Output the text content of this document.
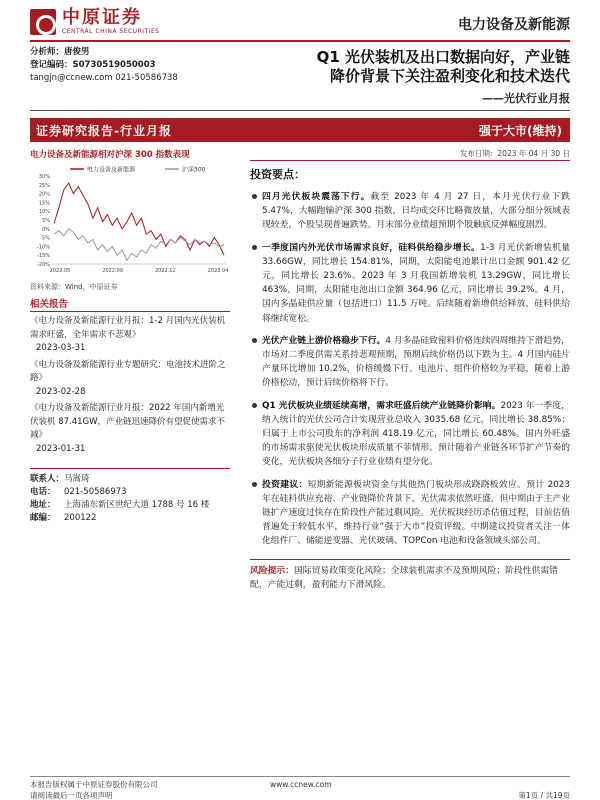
中原证券
CENTRAL CHINA SECURITIES	电力设备及新能源
分析师：唐俊男
登记编码：S0730519050003
tangjn@ccnew.com 021-50586738
Q1 光伏装机及出口数据向好，产业链
降价背景下关注盈利变化和技术迭代
——光伏行业月报
证券研究报告-行业月报	强于大市(维持)
电力设备及新能源相对沪深 300 指数表现
电力设备及新能源	沪深300
-20%
-15%
-10%
-5%
0%
5%
10%
15%
20%
25%
30%
2022.05	2022.09	2022.12	2023.04
资料来源：Wind，中原证券
相关报告
《电力设备及新能源行业月报：1-2 月国内光伏装机需求旺盛，全年需求不悲观》
2023-03-31
《电力设备及新能源行业专题研究：电池技术进阶之路》
2023-02-28
《电力设备及新能源行业月报：2022 年国内新增光伏装机 87.41GW，产业链迅速降价有望促使需求不减》
2023-01-31
联系人： 马嵩琦
电话： 021-50586973
地址： 上海浦东新区世纪大道 1788 号 16 楼
邮编： 200122
发布日期：2023 年 04 月 30 日
投资要点：
四月光伏板块震荡下行。截至 2023 年 4 月 27 日，本月光伏行业下跌 5.47%，大幅跑输沪深 300 指数，日均成交环比略微放量，大部分细分领域表现较差，个股呈现普遍跌势。月末部分业绩超预期个股触底反弹幅度剧烈。
一季度国内外光伏市场需求良好，硅料供给稳步增长。1-3 月光伏新增装机量 33.66GW，同比增长 154.81%，同期，太阳能电池累计出口金额 901.42 亿元，同比增长 23.6%。2023 年 3 月我国新增装机 13.29GW，同比增长 463%，同期，太阳能电池出口金额 364.96 亿元，同比增长 39.2%。4 月，国内多晶硅供应量（包括进口）11.5 万吨。后续随着新增供给释放，硅料供给将继续宽松。
光伏产业链上游价格稳步下行。4 月多晶硅致密料价格连续四周维持下滑趋势，市场对二季度供需关系持悲观预期，预期后续价格仍以下跌为主。4 月国内硅片产量环比增加 10.2%，价格缓慢下行。电池片、组件价格较为平稳，随着上游价格松动，预计后续价格将下行。
Q1 光伏板块业绩延续高增，需求旺盛后续产业链降价影响。2023 年一季度，纳入统计的光伏公司合计实现营业总收入 3035.68 亿元，同比增长 38.85%；归属于上市公司股东的净利润 418.19 亿元，同比增长 60.48%。国内外旺盛的市场需求驱使光伏板块形成质量不菲情形。预计随着产业链各环节扩产节奏的变化，光伏板块各细分子行业业绩有望分化。
投资建议：短期新能源板块资金与其他热门板块形成跷跷板效应。预计 2023 年在硅料供应充裕、产业链降价背景下，光伏需求依然旺盛，但中期由于主产业链扩产速度过快存在阶段性产能过剩风险。光伏板块经历杀估值过程，目前估值普遍处于较低水平，维持行业“强于大市”投资评级。中期建议投资者关注一体化组件厂、储能逆变器、光伏玻璃、TOPCon 电池和设备领域头部公司。
风险提示：国际贸易政策变化风险；全球装机需求不及预期风险；阶段性供需错配，产能过剩，盈利能力下滑风险。
本报告版权属于中原证券股份有限公司	www.ccnew.com
请阅读最后一页各项声明	第1页 / 共19页
